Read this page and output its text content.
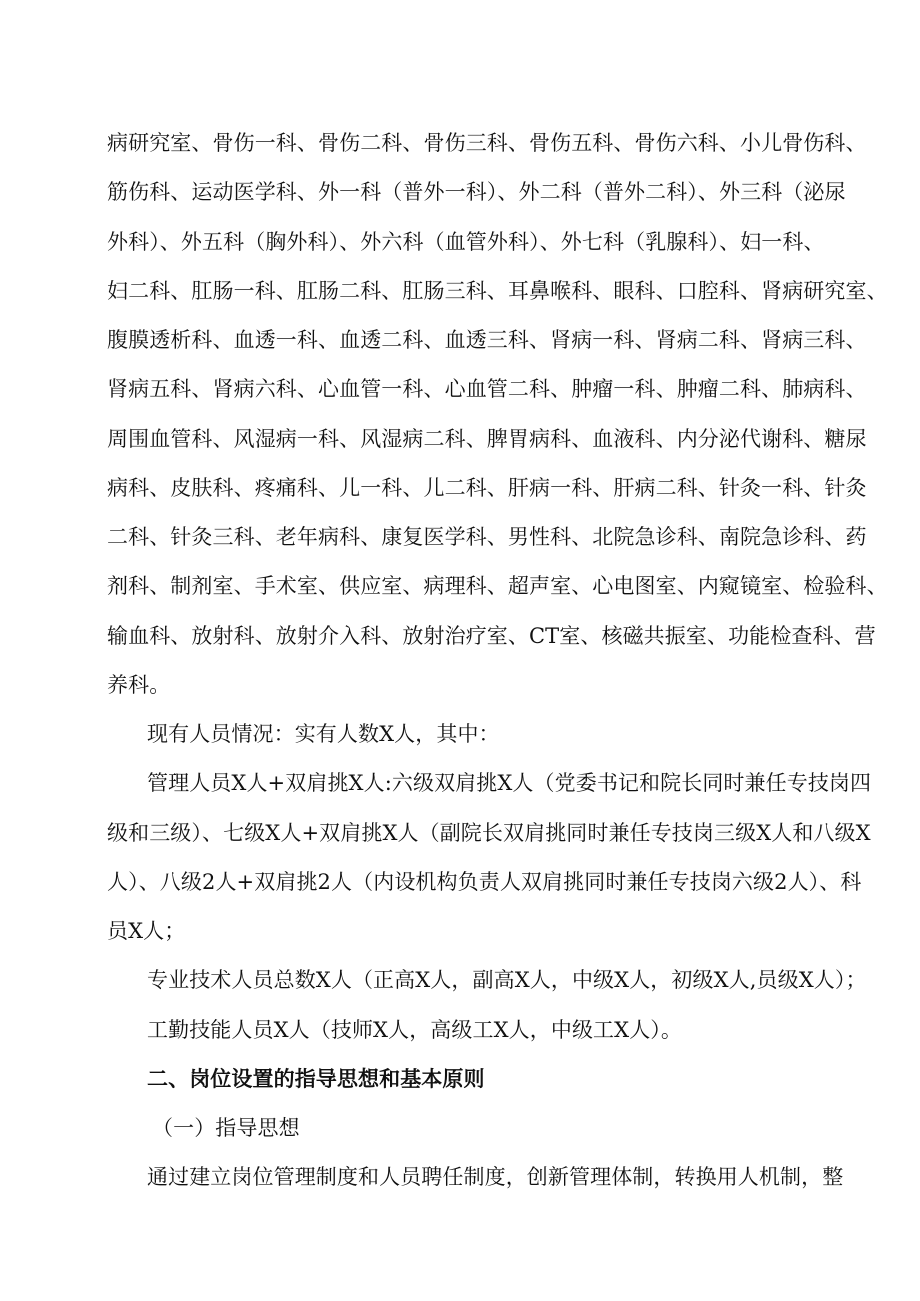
病研究室、骨伤一科、骨伤二科、骨伤三科、骨伤五科、骨伤六科、小儿骨伤科、
筋伤科、运动医学科、外一科（普外一科）、外二科（普外二科）、外三科（泌尿
外科）、外五科（胸外科）、外六科（血管外科）、外七科（乳腺科）、妇一科、
妇二科、肛肠一科、肛肠二科、肛肠三科、耳鼻喉科、眼科、口腔科、肾病研究室、
腹膜透析科、血透一科、血透二科、血透三科、肾病一科、肾病二科、肾病三科、
肾病五科、肾病六科、心血管一科、心血管二科、肿瘤一科、肿瘤二科、肺病科、
周围血管科、风湿病一科、风湿病二科、脾胃病科、血液科、内分泌代谢科、糖尿
病科、皮肤科、疼痛科、儿一科、儿二科、肝病一科、肝病二科、针灸一科、针灸
二科、针灸三科、老年病科、康复医学科、男性科、北院急诊科、南院急诊科、药
剂科、制剂室、手术室、供应室、病理科、超声室、心电图室、内窥镜室、检验科、
输血科、放射科、放射介入科、放射治疗室、CT室、核磁共振室、功能检查科、营
养科。
现有人员情况：实有人数X人，其中：
管理人员X人+双肩挑X人:六级双肩挑X人（党委书记和院长同时兼任专技岗四
级和三级）、七级X人+双肩挑X人（副院长双肩挑同时兼任专技岗三级X人和八级X
人）、八级2人+双肩挑2人（内设机构负责人双肩挑同时兼任专技岗六级2人）、科
员X人；
专业技术人员总数X人（正高X人，副高X人，中级X人，初级X人,员级X人）；
工勤技能人员X人（技师X人，高级工X人，中级工X人）。
二、岗位设置的指导思想和基本原则
（一）指导思想
通过建立岗位管理制度和人员聘任制度，创新管理体制，转换用人机制，整
